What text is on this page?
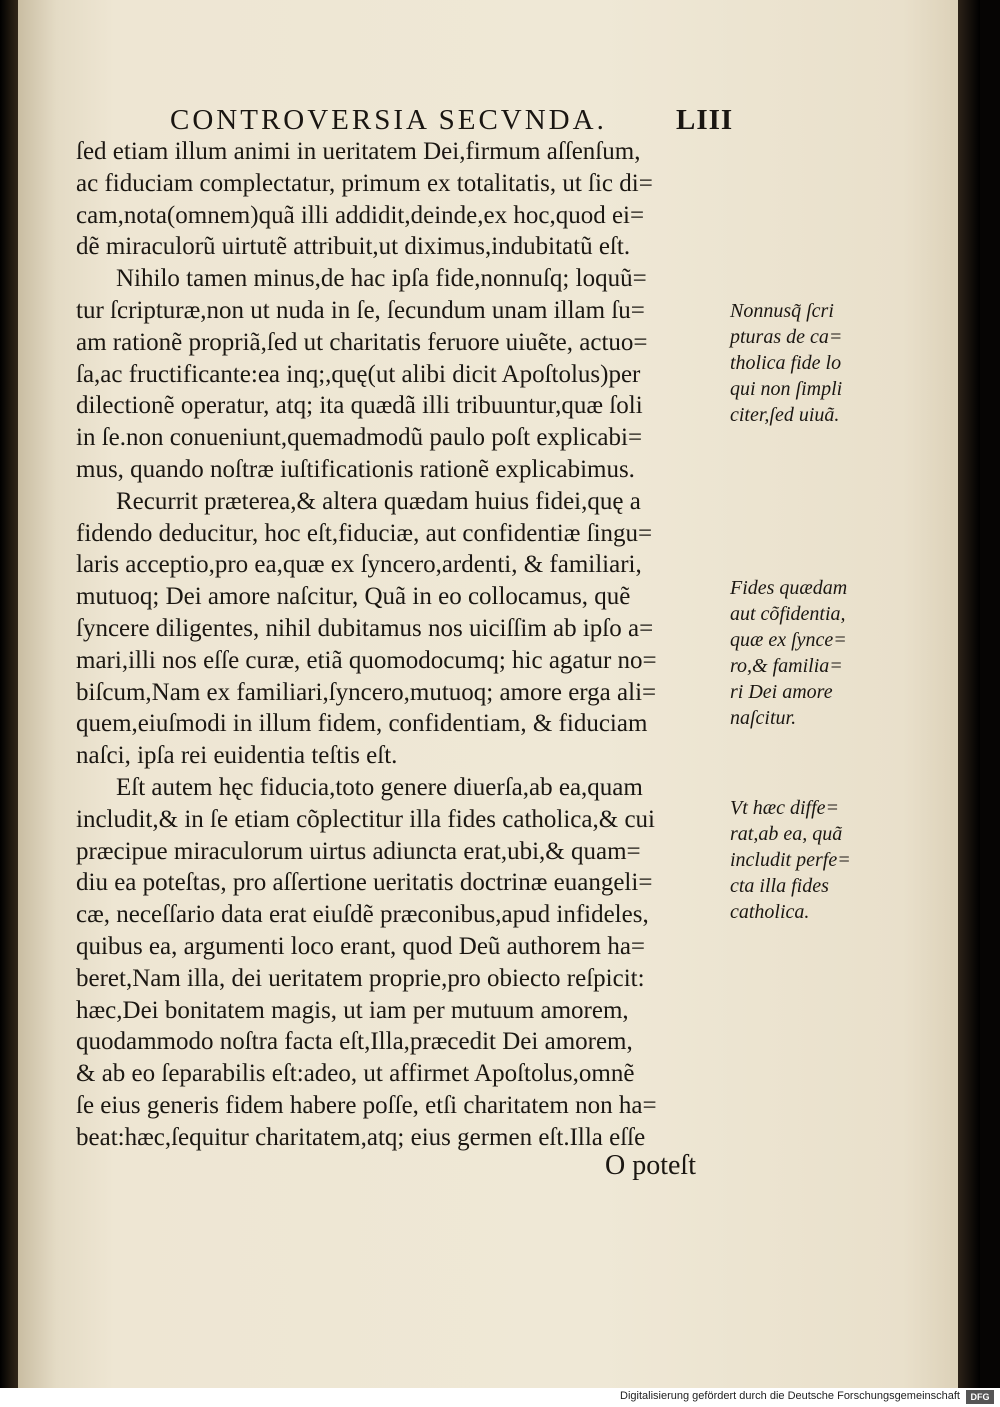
CONTROVERSIA SECVNDA. LIII
ſed etiam illum animi in ueritatem Dei,firmum aſſenſum,
ac fiduciam complectatur, primum ex totalitatis, ut ſic di=
cam,nota(omnem)quã illi addidit,deinde,ex hoc,quod ei=
dẽ miraculorũ uirtutẽ attribuit,ut diximus,indubitatũ eſt.
Nihilo tamen minus,de hac ipſa fide,nonnuſq; loquũ=
tur ſcripturæ,non ut nuda in ſe, ſecundum unam illam ſu=
am rationẽ propriã,ſed ut charitatis feruore uiuẽte, actuo=
ſa,ac fructificante:ea inq;,quę(ut alibi dicit Apoſtolus)per
dilectionẽ operatur, atq; ita quædã illi tribuuntur,quæ ſoli
in ſe.non conueniunt,quemadmodũ paulo poſt explicabi=
mus, quando noſtræ iuſtificationis rationẽ explicabimus.
Recurrit præterea,& altera quædam huius fidei,quę a
fidendo deducitur, hoc eſt,fiduciæ, aut confidentiæ ſingu=
laris acceptio,pro ea,quæ ex ſyncero,ardenti, & familiari,
mutuoq; Dei amore naſcitur, Quã in eo collocamus, quẽ
ſyncere diligentes, nihil dubitamus nos uiciſſim ab ipſo a=
mari,illi nos eſſe curæ, etiã quomodocumq; hic agatur no=
biſcum,Nam ex familiari,ſyncero,mutuoq; amore erga ali=
quem,eiuſmodi in illum fidem, confidentiam, & fiduciam
naſci, ipſa rei euidentia teſtis eſt.
Eſt autem hęc fiducia,toto genere diuerſa,ab ea,quam
includit,& in ſe etiam cõplectitur illa fides catholica,& cui
præcipue miraculorum uirtus adiuncta erat,ubi,& quam=
diu ea poteſtas, pro aſſertione ueritatis doctrinæ euangeli=
cæ, neceſſario data erat eiuſdẽ præconibus,apud infideles,
quibus ea, argumenti loco erant, quod Deũ authorem ha=
beret,Nam illa, dei ueritatem proprie,pro obiecto reſpicit:
hæc,Dei bonitatem magis, ut iam per mutuum amorem,
quodammodo noſtra facta eſt,Illa,præcedit Dei amorem,
& ab eo ſeparabilis eſt:adeo, ut affirmet Apoſtolus,omnẽ
ſe eius generis fidem habere poſſe, etſi charitatem non ha=
beat:hæc,ſequitur charitatem,atq; eius germen eſt.Illa eſſe
O poteſt
Nonnusq̃ ſcri
pturas de ca=
tholica fide lo
qui non ſimpli
citer,ſed uiuã.
Fides quædam
aut cõfidentia,
quæ ex ſynce=
ro,& familia=
ri Dei amore
naſcitur.
Vt hæc diffe=
rat,ab ea, quã
includit perfe=
cta illa fides
catholica.
Digitalisierung gefördert durch die Deutsche Forschungsgemeinschaft	DFG
